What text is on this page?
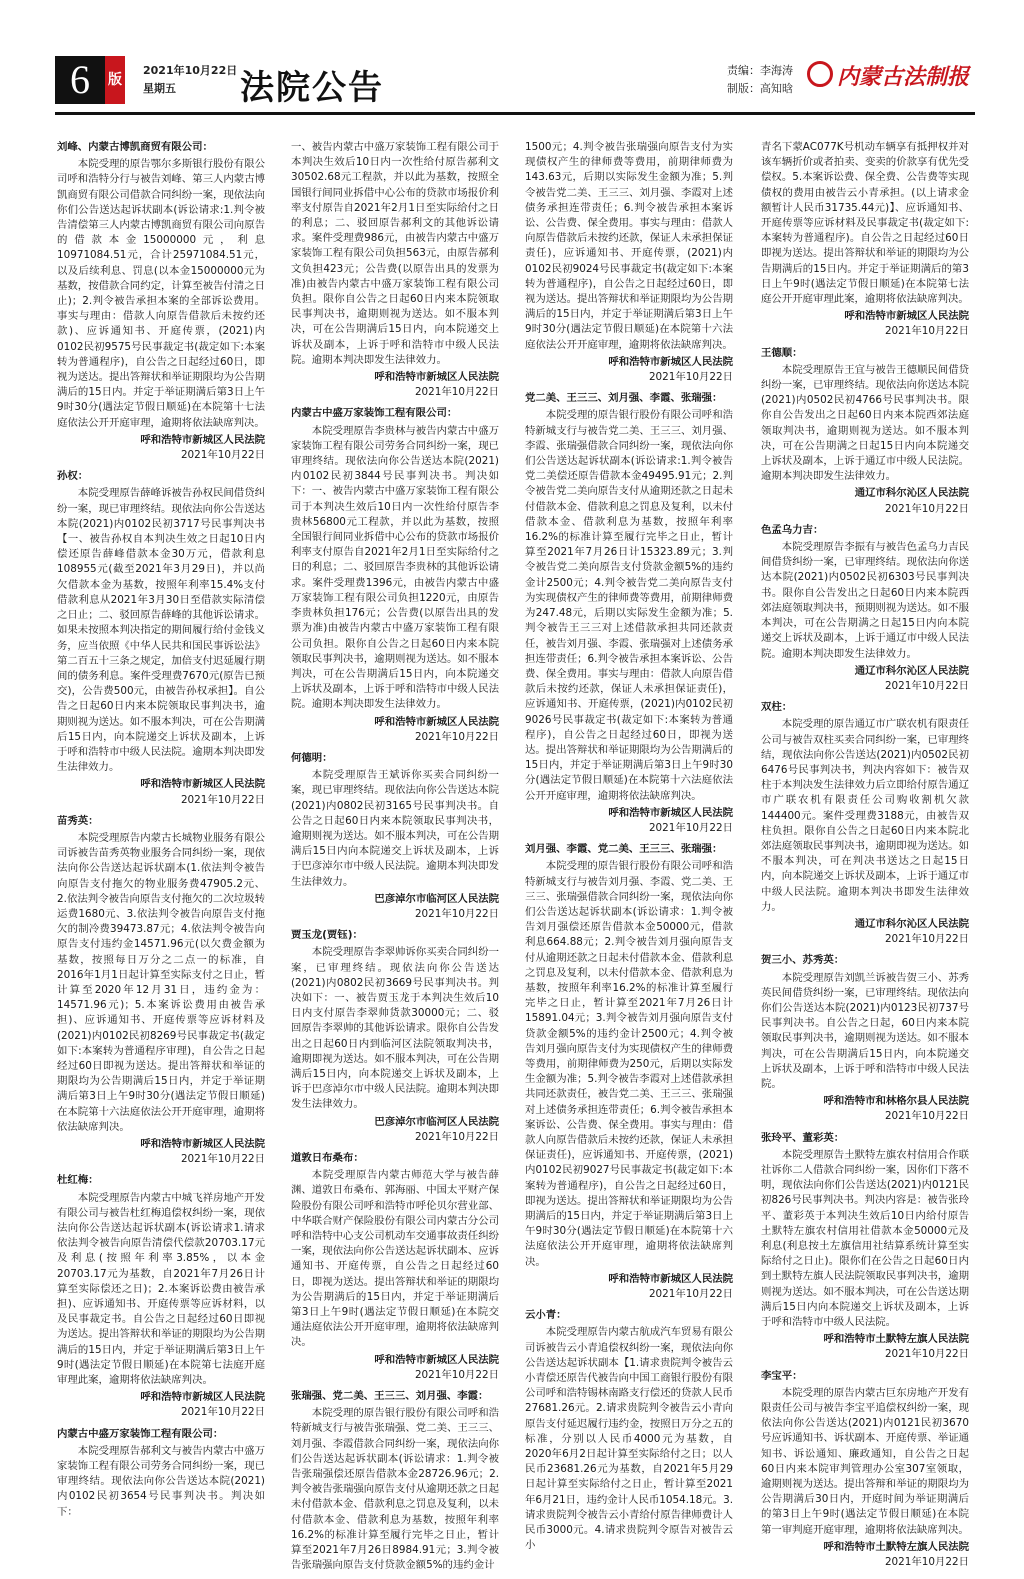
6	版
2021年10月22日
星期五	法院公告	责编：李海涛
制版：高知晗	内蒙古法制报
刘峰、内蒙古博凯商贸有限公司：
本院受理的原告鄂尔多斯银行股份有限公司呼和浩特分行与被告刘峰、第三人内蒙古博凯商贸有限公司借款合同纠纷一案，现依法向你们公告送达起诉状副本(诉讼请求:1.判令被告清偿第三人内蒙古博凯商贸有限公司向原告的借款本金15000000元，利息10971084.51元，合计25971084.51元，以及后续利息、罚息(以本金15000000元为基数，按借款合同约定，计算至被告付清之日止)；2.判令被告承担本案的全部诉讼费用。事实与理由：借款人向原告借款后未按约还款)、应诉通知书、开庭传票，(2021)内0102民初9575号民事裁定书(裁定如下:本案转为普通程序)，自公告之日起经过60日，即视为送达。提出答辩状和举证期限均为公告期满后的15日内。并定于举证期满后第3日上午9时30分(遇法定节假日顺延)在本院第十七法庭依法公开开庭审理，逾期将依法缺席判决。
呼和浩特市新城区人民法院
2021年10月22日
孙权：
本院受理原告薛峰诉被告孙权民间借贷纠纷一案，现已审理终结。现依法向你公告送达本院(2021)内0102民初3717号民事判决书【一、被告孙权自本判决生效之日起10日内偿还原告薛峰借款本金30万元，借款利息108955元(截至2021年3月29日)，并以尚欠借款本金为基数，按照年利率15.4%支付借款利息从2021年3月30日至借款实际清偿之日止；二、驳回原告薛峰的其他诉讼请求。如果未按照本判决指定的期间履行给付金钱义务，应当依照《中华人民共和国民事诉讼法》第二百五十三条之规定，加倍支付迟延履行期间的债务利息。案件受理费7670元(原告已预交)，公告费500元，由被告孙权承担】。自公告之日起60日内来本院领取民事判决书，逾期则视为送达。如不服本判决，可在公告期满后15日内，向本院递交上诉状及副本，上诉于呼和浩特市中级人民法院。逾期本判决即发生法律效力。
呼和浩特市新城区人民法院
2021年10月22日
苗秀英：
本院受理原告内蒙古长城物业服务有限公司诉被告苗秀英物业服务合同纠纷一案，现依法向你公告送达起诉状副本(1.依法判令被告向原告支付拖欠的物业服务费47905.2元、2.依法判令被告向原告支付拖欠的二次垃圾转运费1680元、3.依法判令被告向原告支付拖欠的制冷费39473.87元；4.依法判令被告向原告支付违约金14571.96元(以欠费金额为基数，按照每日万分之二点一的标准，自2016年1月1日起计算至实际支付之日止，暂计算至2020年12月31日，违约金为：14571.96元)；5.本案诉讼费用由被告承担)、应诉通知书、开庭传票等应诉材料及(2021)内0102民初8269号民事裁定书(裁定如下:本案转为普通程序审理)，自公告之日起经过60日即视为送达。提出答辩状和举证的期限均为公告期满后15日内，并定于举证期满后第3日上午9时30分(遇法定节假日顺延)在本院第十六法庭依法公开开庭审理，逾期将依法缺席判决。
呼和浩特市新城区人民法院
2021年10月22日
杜红梅：
本院受理原告内蒙古中城飞祥房地产开发有限公司与被告杜红梅追偿权纠纷一案，现依法向你公告送达起诉状副本(诉讼请求1.请求依法判令被告向原告清偿代偿款20703.17元及利息(按照年利率3.85%，以本金20703.17元为基数，自2021年7月26日计算至实际偿还之日)；2.本案诉讼费由被告承担)、应诉通知书、开庭传票等应诉材料，以及民事裁定书。自公告之日起经过60日即视为送达。提出答辩状和举证的期限均为公告期满后的15日内，并定于举证期满后第3日上午9时(遇法定节假日顺延)在本院第七法庭开庭审理此案，逾期将依法缺席判决。
呼和浩特市新城区人民法院
2021年10月22日
内蒙古中盛万家装饰工程有限公司：
本院受理原告郝利文与被告内蒙古中盛万家装饰工程有限公司劳务合同纠纷一案，现已审理终结。现依法向你公告送达本院(2021)内0102民初3654号民事判决书。判决如下：
一、被告内蒙古中盛万家装饰工程有限公司于本判决生效后10日内一次性给付原告郝利文30502.68元工程款，并以此为基数，按照全国银行间同业拆借中心公布的贷款市场报价利率支付原告自2021年2月1日至实际给付之日的利息；二、驳回原告郝利文的其他诉讼请求。案件受理费986元，由被告内蒙古中盛万家装饰工程有限公司负担563元，由原告郝利文负担423元；公告费(以原告出具的发票为准)由被告内蒙古中盛万家装饰工程有限公司负担。限你自公告之日起60日内来本院领取民事判决书，逾期则视为送达。如不服本判决，可在公告期满后15日内，向本院递交上诉状及副本，上诉于呼和浩特市中级人民法院。逾期本判决即发生法律效力。
呼和浩特市新城区人民法院
2021年10月22日
内蒙古中盛万家装饰工程有限公司：
本院受理原告李贵林与被告内蒙古中盛万家装饰工程有限公司劳务合同纠纷一案，现已审理终结。现依法向你公告送达本院(2021)内0102民初3844号民事判决书。判决如下：一、被告内蒙古中盛万家装饰工程有限公司于本判决生效后10日内一次性给付原告李贵林56800元工程款，并以此为基数，按照全国银行间同业拆借中心公布的贷款市场报价利率支付原告自2021年2月1日至实际给付之日的利息；二、驳回原告李贵林的其他诉讼请求。案件受理费1396元，由被告内蒙古中盛万家装饰工程有限公司负担1220元，由原告李贵林负担176元；公告费(以原告出具的发票为准)由被告内蒙古中盛万家装饰工程有限公司负担。限你自公告之日起60日内来本院领取民事判决书，逾期则视为送达。如不服本判决，可在公告期满后15日内，向本院递交上诉状及副本，上诉于呼和浩特市中级人民法院。逾期本判决即发生法律效力。
呼和浩特市新城区人民法院
2021年10月22日
何德明：
本院受理原告王斌诉你买卖合同纠纷一案，现已审理终结。现依法向你公告送达本院(2021)内0802民初3165号民事判决书。自公告之日起60日内来本院领取民事判决书，逾期则视为送达。如不服本判决，可在公告期满后15日内向本院递交上诉状及副本，上诉于巴彦淖尔市中级人民法院。逾期本判决即发生法律效力。
巴彦淖尔市临河区人民法院
2021年10月22日
贾玉龙(贾钰)：
本院受理原告李翠帅诉你买卖合同纠纷一案，已审理终结。现依法向你公告送达(2021)内0802民初3669号民事判决书。判决如下：一、被告贾玉龙于本判决生效后10日内支付原告李翠帅货款30000元；二、驳回原告李翠帅的其他诉讼请求。限你自公告发出之日起60日内到临河区法院领取判决书，逾期即视为送达。如不服本判决，可在公告期满后15日内，向本院递交上诉状及副本，上诉于巴彦淖尔市中级人民法院。逾期本判决即发生法律效力。
巴彦淖尔市临河区人民法院
2021年10月22日
道敦日布桑布：
本院受理原告内蒙古师范大学与被告薛渊、道敦日布桑布、郭海丽、中国太平财产保险股份有限公司呼和浩特市呼伦贝尔营业部、中华联合财产保险股份有限公司内蒙古分公司呼和浩特中心支公司机动车交通事故责任纠纷一案，现依法向你公告送达起诉状副本、应诉通知书、开庭传票，自公告之日起经过60日，即视为送达。提出答辩状和举证的期限均为公告期满后的15日内，并定于举证期满后第3日上午9时(遇法定节假日顺延)在本院交通法庭依法公开开庭审理，逾期将依法缺席判决。
呼和浩特市新城区人民法院
2021年10月22日
张瑞强、党二美、王三三、刘月强、李霞：
本院受理的原告银行股份有限公司呼和浩特新城支行与被告张瑞强、党二美、王三三、刘月强、李霞借款合同纠纷一案，现依法向你们公告送达起诉状副本(诉讼请求：1.判令被告张瑞强偿还原告借款本金28726.96元；2.判令被告张瑞强向原告支付从逾期还款之日起未付借款本金、借款利息之罚息及复利，以未付借款本金、借款利息为基数，按照年利率16.2%的标准计算至履行完毕之日止，暂计算至2021年7月26日8984.91元；3.判令被告张瑞强向原告支付贷款金额5%的违约金计
1500元；4.判令被告张瑞强向原告支付为实现债权产生的律师费等费用，前期律师费为143.63元，后期以实际发生金额为准；5.判令被告党二美、王三三、刘月强、李霞对上述债务承担连带责任；6.判令被告承担本案诉讼、公告费、保全费用。事实与理由：借款人向原告借款后未按约还款，保证人未承担保证责任)，应诉通知书、开庭传票，(2021)内0102民初9024号民事裁定书(裁定如下:本案转为普通程序)，自公告之日起经过60日，即视为送达。提出答辩状和举证期限均为公告期满后的15日内，并定于举证期满后第3日上午9时30分(遇法定节假日顺延)在本院第十六法庭依法公开开庭审理，逾期将依法缺席判决。
呼和浩特市新城区人民法院
2021年10月22日
党二美、王三三、刘月强、李霞、张瑞强：
本院受理的原告银行股份有限公司呼和浩特新城支行与被告党二美、王三三、刘月强、李霞、张瑞强借款合同纠纷一案，现依法向你们公告送达起诉状副本(诉讼请求:1.判令被告党二美偿还原告借款本金49495.91元；2.判令被告党二美向原告支付从逾期还款之日起未付借款本金、借款利息之罚息及复利，以未付借款本金、借款利息为基数，按照年利率16.2%的标准计算至履行完毕之日止，暂计算至2021年7月26日计15323.89元；3.判令被告党二美向原告支付贷款金额5%的违约金计2500元；4.判令被告党二美向原告支付为实现债权产生的律师费等费用，前期律师费为247.48元，后期以实际发生金额为准；5.判令被告王三三对上述借款承担共同还款责任，被告刘月强、李霞、张瑞强对上述债务承担连带责任；6.判令被告承担本案诉讼、公告费、保全费用。事实与理由：借款人向原告借款后未按约还款，保证人未承担保证责任)，应诉通知书、开庭传票，(2021)内0102民初9026号民事裁定书(裁定如下:本案转为普通程序)，自公告之日起经过60日，即视为送达。提出答辩状和举证期限均为公告期满后的15日内，并定于举证期满后第3日上午9时30分(遇法定节假日顺延)在本院第十六法庭依法公开开庭审理，逾期将依法缺席判决。
呼和浩特市新城区人民法院
2021年10月22日
刘月强、李霞、党二美、王三三、张瑞强：
本院受理的原告银行股份有限公司呼和浩特新城支行与被告刘月强、李霞、党二美、王三三、张瑞强借款合同纠纷一案，现依法向你们公告送达起诉状副本(诉讼请求：1.判令被告刘月强偿还原告借款本金50000元，借款利息664.88元；2.判令被告刘月强向原告支付从逾期还款之日起未付借款本金、借款利息之罚息及复利，以未付借款本金、借款利息为基数，按照年利率16.2%的标准计算至履行完毕之日止，暂计算至2021年7月26日计15891.04元；3.判令被告刘月强向原告支付贷款金额5%的违约金计2500元；4.判令被告刘月强向原告支付为实现债权产生的律师费等费用，前期律师费为250元，后期以实际发生金额为准；5.判令被告李霞对上述借款承担共同还款责任，被告党二美、王三三、张瑞强对上述债务承担连带责任；6.判令被告承担本案诉讼、公告费、保全费用。事实与理由：借款人向原告借款后未按约还款，保证人未承担保证责任)，应诉通知书、开庭传票，(2021)内0102民初9027号民事裁定书(裁定如下:本案转为普通程序)，自公告之日起经过60日，即视为送达。提出答辩状和举证期限均为公告期满后的15日内，并定于举证期满后第3日上午9时30分(遇法定节假日顺延)在本院第十六法庭依法公开开庭审理，逾期将依法缺席判决。
呼和浩特市新城区人民法院
2021年10月22日
云小青：
本院受理原告内蒙古航成汽车贸易有限公司诉被告云小青追偿权纠纷一案，现依法向你公告送达起诉状副本【1.请求贵院判令被告云小青偿还原告代被告向中国工商银行股份有限公司呼和浩特锡林南路支行偿还的贷款人民币27681.26元。2.请求贵院判令被告云小青向原告支付延迟履行违约金，按照日万分之五的标准，分别以人民币4000元为基数，自2020年6月2日起计算至实际给付之日；以人民币23681.26元为基数，自2021年5月29日起计算至实际给付之日止，暂计算至2021年6月21日，违约金计人民币1054.18元。3.请求贵院判令被告云小青给付原告律师费计人民币3000元。4.请求贵院判令原告对被告云小
青名下蒙AC077K号机动车辆享有抵押权并对该车辆折价或者拍卖、变卖的价款享有优先受偿权。5.本案诉讼费、保全费、公告费等实现债权的费用由被告云小青承担。(以上请求金额暂计人民币31735.44元)】、应诉通知书、开庭传票等应诉材料及民事裁定书(裁定如下:本案转为普通程序)。自公告之日起经过60日即视为送达。提出答辩状和举证的期限均为公告期满后的15日内。并定于举证期满后的第3日上午9时(遇法定节假日顺延)在本院第七法庭公开开庭审理此案，逾期将依法缺席判决。
呼和浩特市新城区人民法院
2021年10月22日
王德顺：
本院受理原告王宜与被告王德顺民间借贷纠纷一案，已审理终结。现依法向你送达本院(2021)内0502民初4766号民事判决书。限你自公告发出之日起60日内来本院西郊法庭领取判决书，逾期则视为送达。如不服本判决，可在公告期满之日起15日内向本院递交上诉状及副本，上诉于通辽市中级人民法院。逾期本判决即发生法律效力。
通辽市科尔沁区人民法院
2021年10月22日
色孟乌力吉：
本院受理原告李振有与被告色孟乌力吉民间借贷纠纷一案，已审理终结。现依法向你送达本院(2021)内0502民初6303号民事判决书。限你自公告发出之日起60日内来本院西郊法庭领取判决书，预期则视为送达。如不服本判决，可在公告期满之日起15日内向本院递交上诉状及副本，上诉于通辽市中级人民法院。逾期本判决即发生法律效力。
通辽市科尔沁区人民法院
2021年10月22日
双柱：
本院受理的原告通辽市广联农机有限责任公司与被告双柱买卖合同纠纷一案，已审理终结，现依法向你公告送达(2021)内0502民初6476号民事判决书，判决内容如下：被告双柱于本判决发生法律效力后立即给付原告通辽市广联农机有限责任公司购收割机欠款144400元。案件受理费3188元，由被告双柱负担。限你自公告之日起60日内来本院北郊法庭领取民事判决书，逾期即视为送达。如不服本判决，可在判决书送达之日起15日内，向本院递交上诉状及副本，上诉于通辽市中级人民法院。逾期本判决书即发生法律效力。
通辽市科尔沁区人民法院
2021年10月22日
贺三小、苏秀英：
本院受理原告刘凯兰诉被告贺三小、苏秀英民间借贷纠纷一案，已审理终结。现依法向你们公告送达本院(2021)内0123民初737号民事判决书。自公告之日起，60日内来本院领取民事判决书，逾期则视为送达。如不服本判决，可在公告期满后15日内，向本院递交上诉状及副本，上诉于呼和浩特市中级人民法院。
呼和浩特市和林格尔县人民法院
2021年10月22日
张玲平、董彩英：
本院受理原告土默特左旗农村信用合作联社诉你二人借款合同纠纷一案，因你们下落不明，现依法向你们公告送达(2021)内0121民初826号民事判决书。判决内容是：被告张玲平、董彩英于本判决生效后10日内给付原告土默特左旗农村信用社借款本金50000元及利息(利息按土左旗信用社结算系统计算至实际给付之日止)。限你们在公告之日起60日内到土默特左旗人民法院领取民事判决书，逾期则视为送达。如不服本判决，可在公告送达期满后15日内向本院递交上诉状及副本，上诉于呼和浩特市中级人民法院。
呼和浩特市土默特左旗人民法院
2021年10月22日
李宝平：
本院受理的原告内蒙古巨东房地产开发有限责任公司与被告李宝平追偿权纠纷一案，现依法向你公告送达(2021)内0121民初3670号应诉通知书、诉状副本、开庭传票、举证通知书、诉讼通知、廉政通知，自公告之日起60日内来本院审判管理办公室307室领取，逾期则视为送达。提出答辩和举证的期限均为公告期满后30日内，开庭时间为举证期满后的第3日上午9时(遇法定节假日顺延)在本院第一审判庭开庭审理，逾期将依法缺席判决。
呼和浩特市土默特左旗人民法院
2021年10月22日
